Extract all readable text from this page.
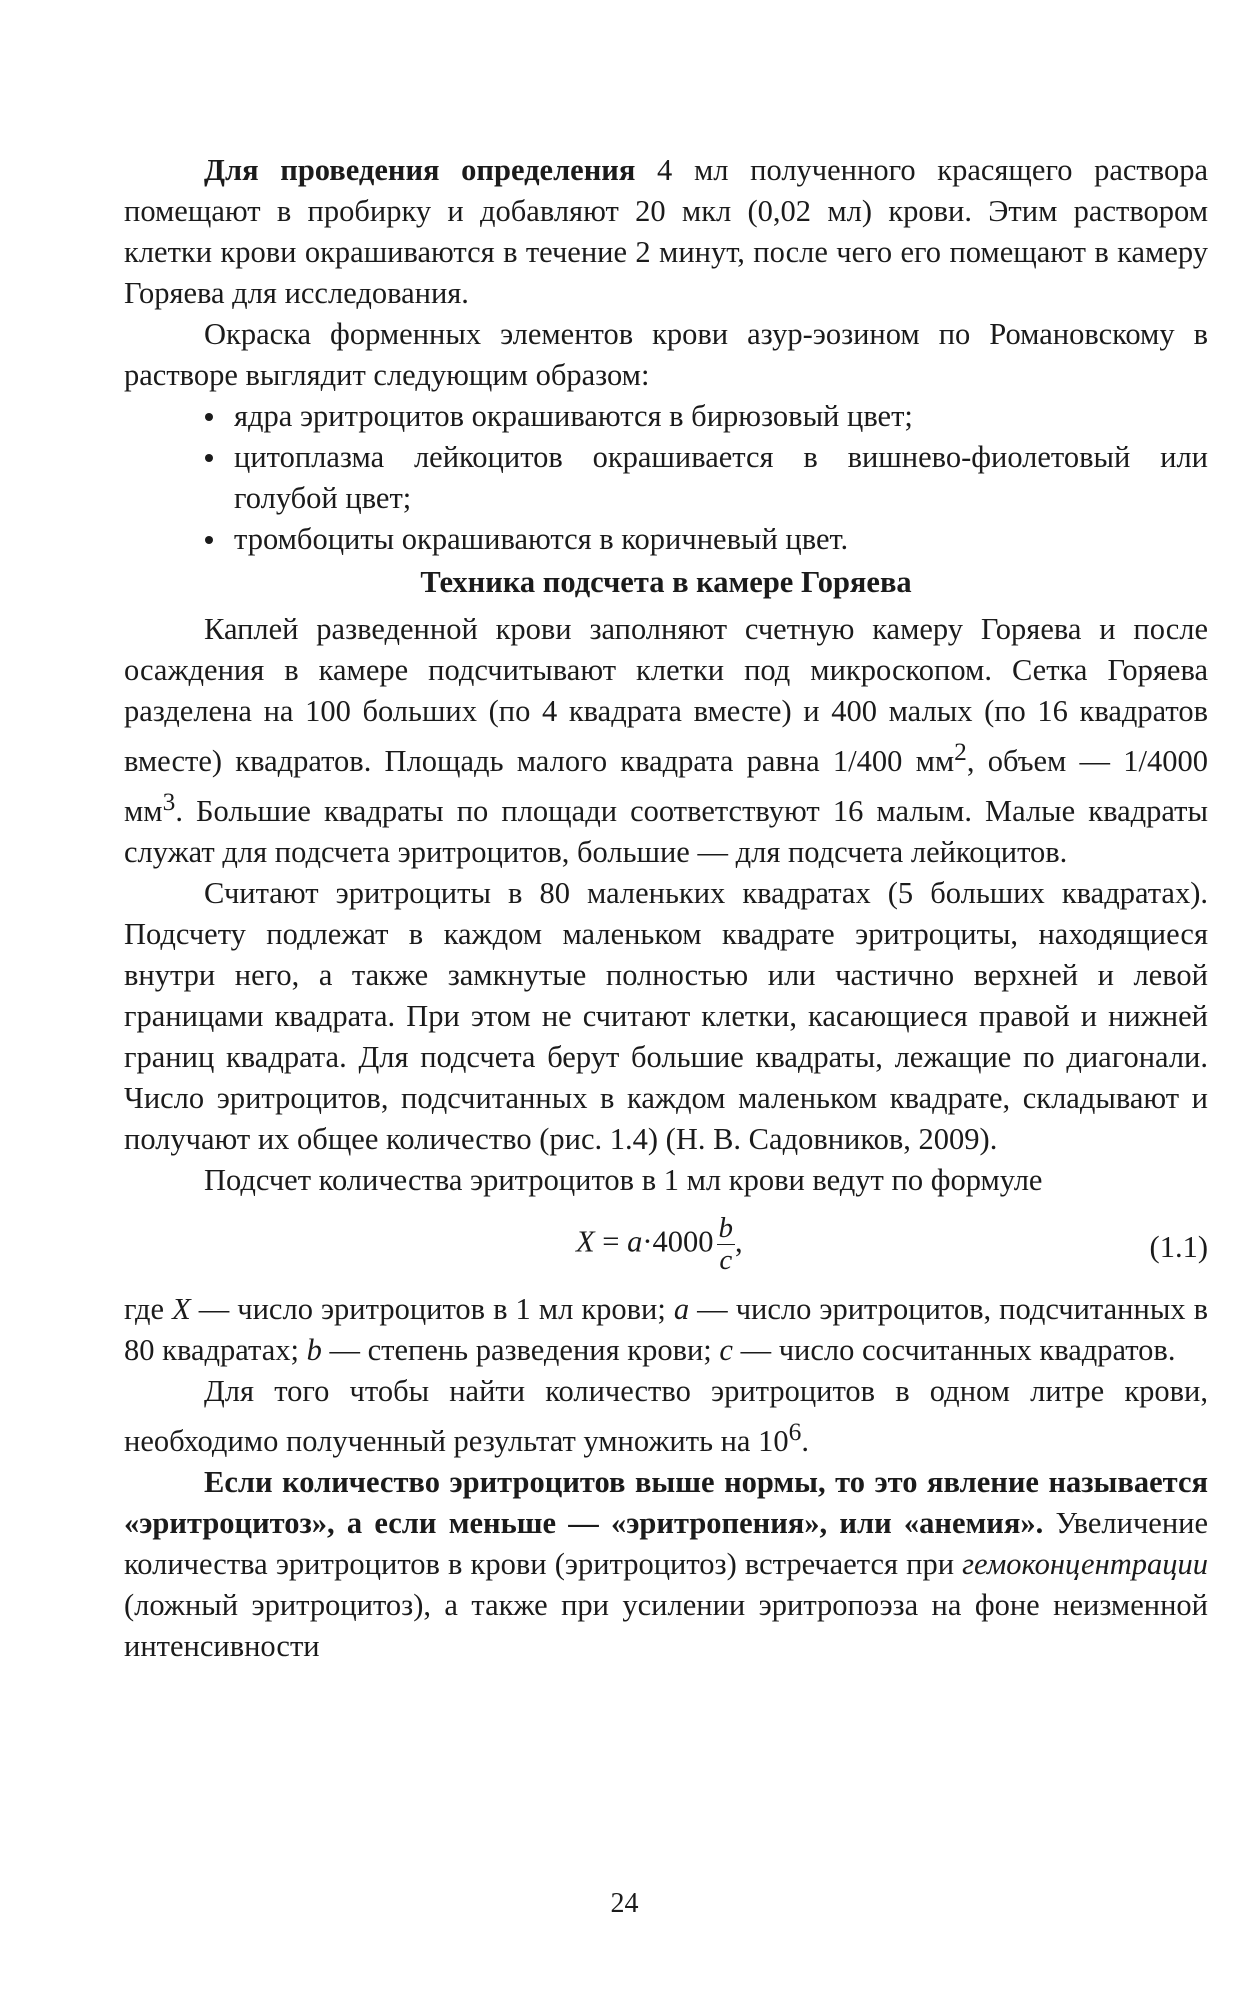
Для проведения определения 4 мл полученного красящего раствора помещают в пробирку и добавляют 20 мкл (0,02 мл) крови. Этим раствором клетки крови окрашиваются в течение 2 минут, после чего его помещают в камеру Горяева для исследования.

Окраска форменных элементов крови азур-эозином по Романовскому в растворе выглядит следующим образом:

ядра эритроцитов окрашиваются в бирюзовый цвет;
цитоплазма лейкоцитов окрашивается в вишнево-фиолетовый или голубой цвет;
тромбоциты окрашиваются в коричневый цвет.
Техника подсчета в камере Горяева

Каплей разведенной крови заполняют счетную камеру Горяева и после осаждения в камере подсчитывают клетки под микроскопом. Сетка Горяева разделена на 100 больших (по 4 квадрата вместе) и 400 малых (по 16 квадратов вместе) квадратов. Площадь малого квадрата равна 1/400 $мм^2$, объем — 1/4000 $мм^3$. Большие квадраты по площади соответствуют 16 малым. Малые квадраты служат для подсчета эритроцитов, большие — для подсчета лейкоцитов.

Считают эритроциты в 80 маленьких квадратах (5 больших квадратах). Подсчету подлежат в каждом маленьком квадрате эритроциты, находящиеся внутри него, а также замкнутые полностью или частично верхней и левой границами квадрата. При этом не считают клетки, касающиеся правой и нижней границ квадрата. Для подсчета берут большие квадраты, лежащие по диагонали. Число эритроцитов, подсчитанных в каждом маленьком квадрате, складывают и получают их общее количество (рис. 1.4) (Н. В. Садовников, 2009).

Подсчет количества эритроцитов в 1 мл крови ведут по формуле

$X = a\cdot 4000 \frac{b}{c}$ ,	(1.1)

где X — число эритроцитов в 1 мл крови; a — число эритроцитов, подсчитанных в 80 квадратах; b — степень разведения крови; c — число сосчитанных квадратов.

Для того чтобы найти количество эритроцитов в одном литре крови, необходимо полученный результат умножить на $10^6$.

Если количество эритроцитов выше нормы, то это явление называется «эритроцитоз», а если меньше — «эритропения», или «анемия». Увеличение количества эритроцитов в крови (эритроцитоз) встречается при гемоконцентрации (ложный эритроцитоз), а также при усилении эритропоэза на фоне неизменной интенсивности

24
